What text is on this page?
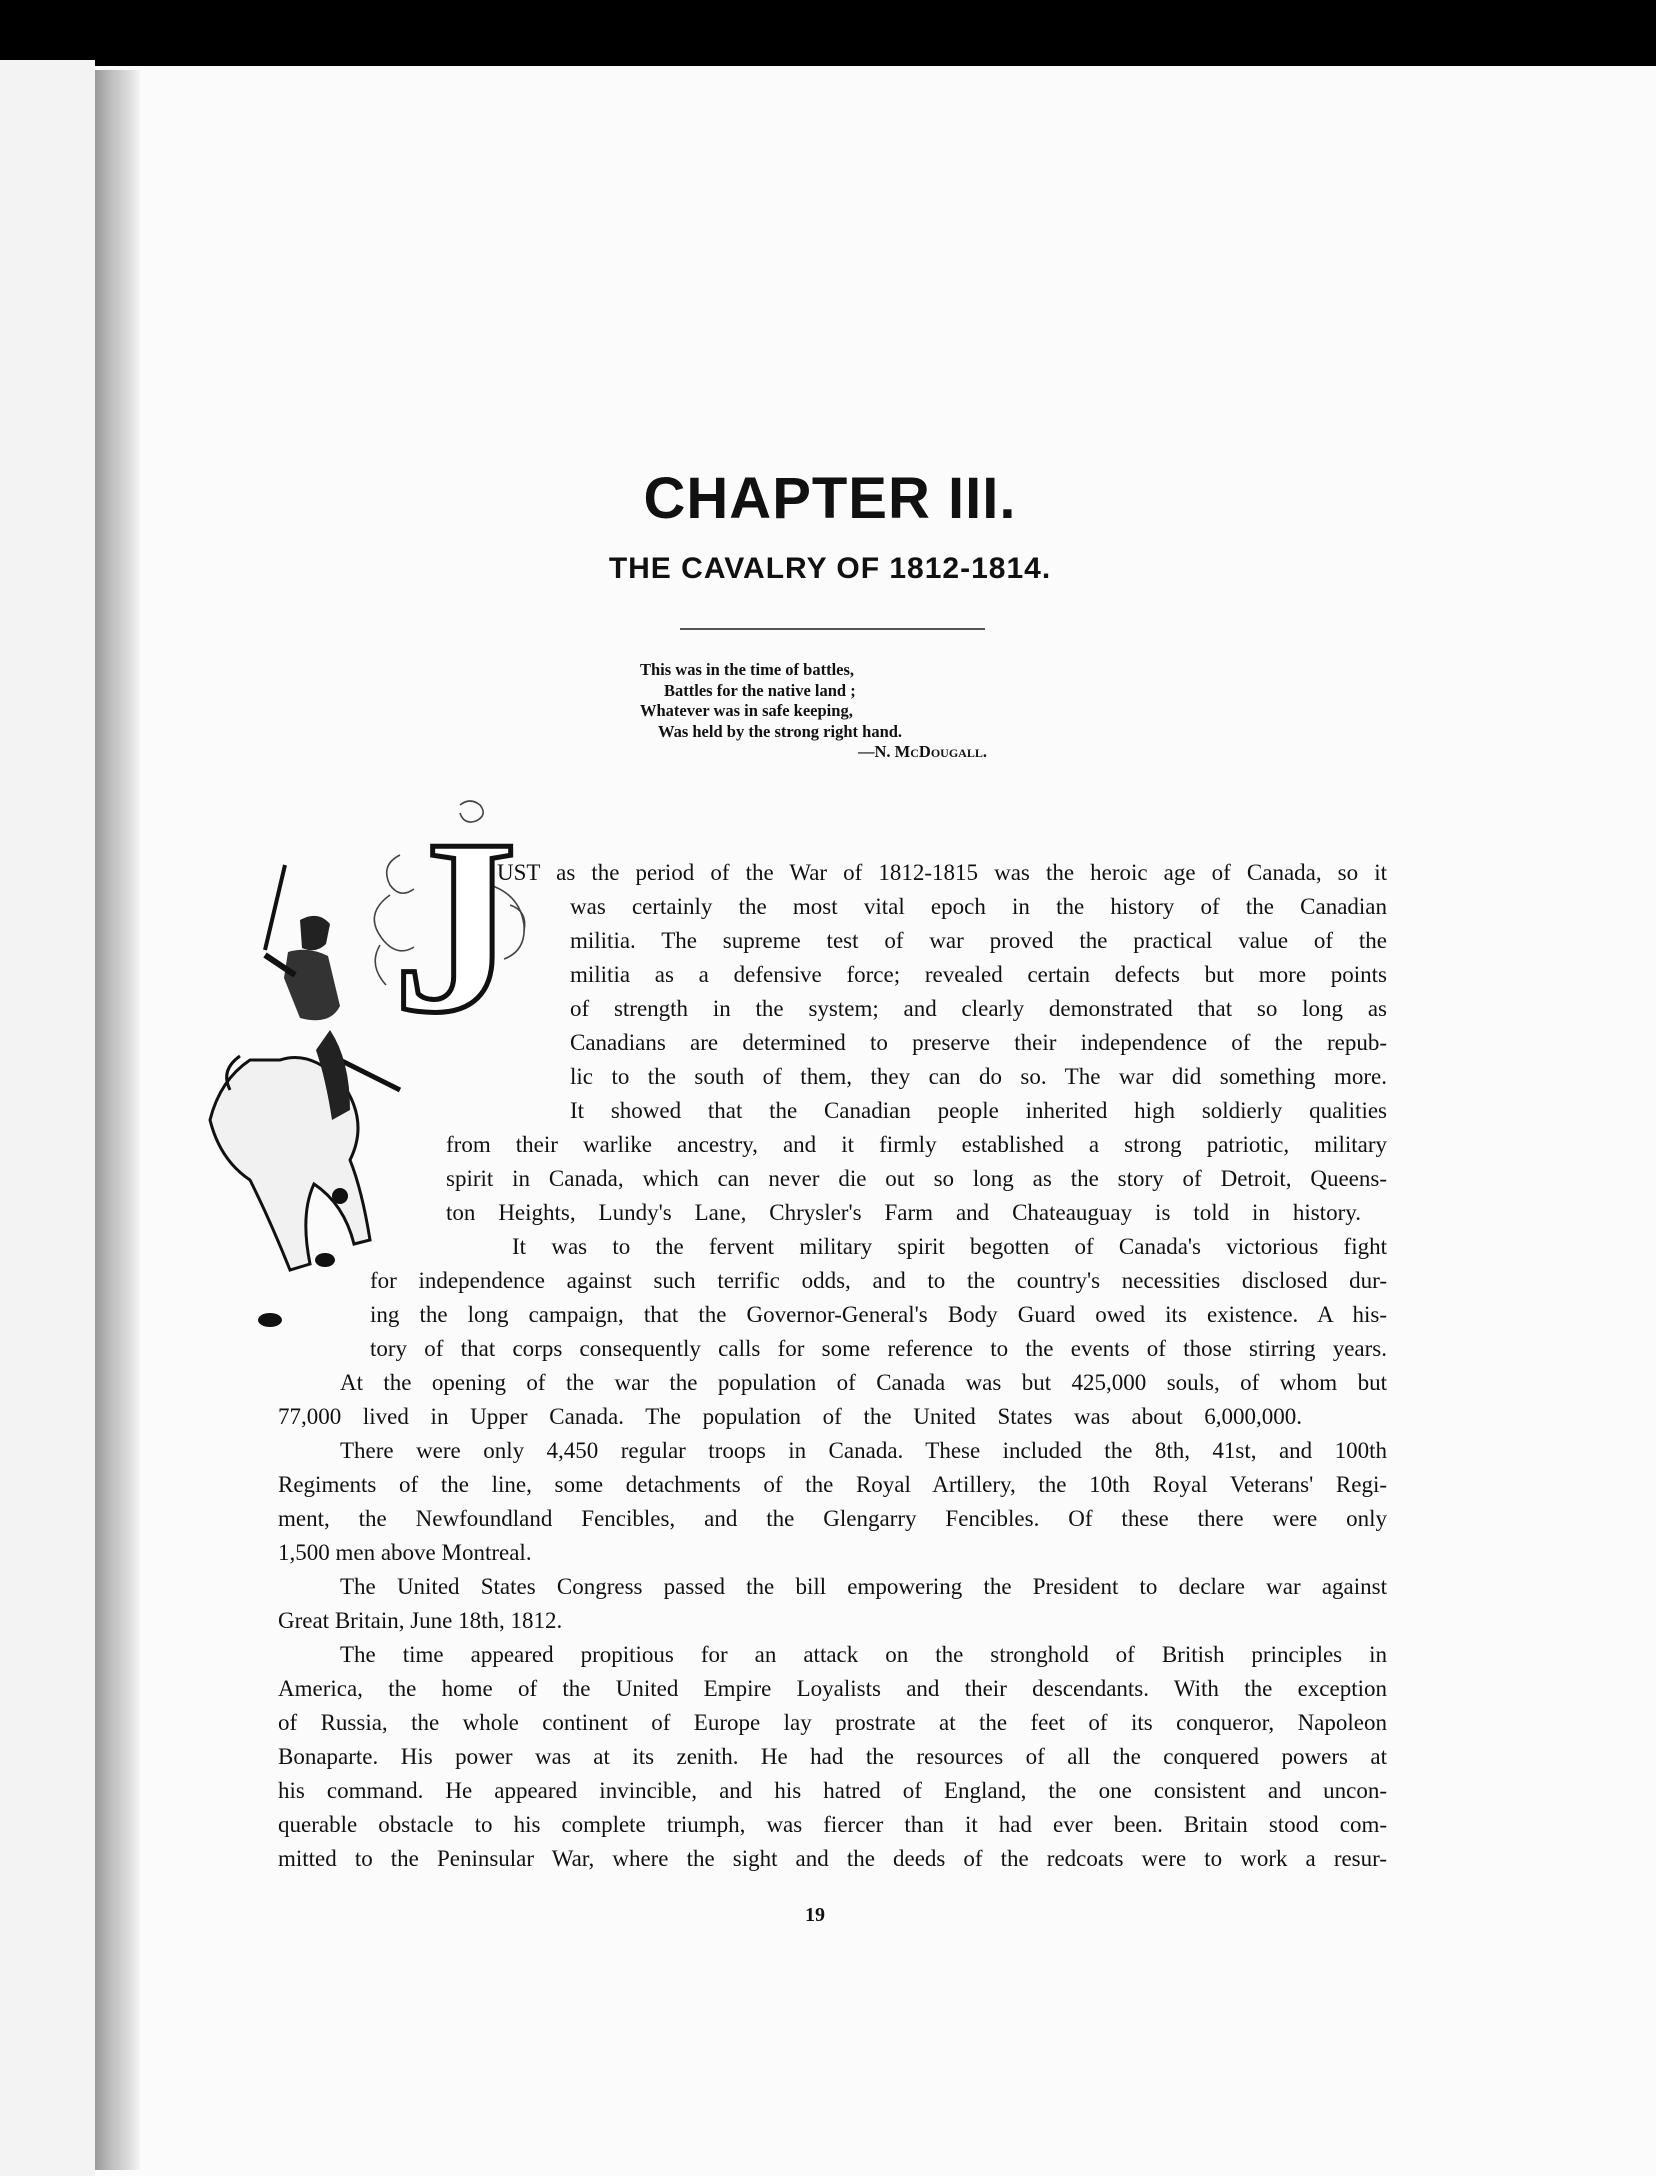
CHAPTER III.
THE CAVALRY OF 1812-1814.
This was in the time of battles,
Battles for the native land ;
Whatever was in safe keeping,
Was held by the strong right hand.
—N. McDougall.
J
UST as the period of the War of 1812-1815 was the heroic age of Canada, so it
was certainly the most vital epoch in the history of the Canadian
militia. The supreme test of war proved the practical value of the
militia as a defensive force; revealed certain defects but more points
of strength in the system; and clearly demonstrated that so long as
Canadians are determined to preserve their independence of the repub-
lic to the south of them, they can do so. The war did something more.
It showed that the Canadian people inherited high soldierly qualities
from their warlike ancestry, and it firmly established a strong patriotic, military
spirit in Canada, which can never die out so long as the story of Detroit, Queens-
ton Heights, Lundy's Lane, Chrysler's Farm and Chateauguay is told in history.
It was to the fervent military spirit begotten of Canada's victorious fight
for independence against such terrific odds, and to the country's necessities disclosed dur-
ing the long campaign, that the Governor-General's Body Guard owed its existence. A his-
tory of that corps consequently calls for some reference to the events of those stirring years.
At the opening of the war the population of Canada was but 425,000 souls, of whom but
77,000 lived in Upper Canada. The population of the United States was about 6,000,000.
There were only 4,450 regular troops in Canada. These included the 8th, 41st, and 100th
Regiments of the line, some detachments of the Royal Artillery, the 10th Royal Veterans' Regi-
ment, the Newfoundland Fencibles, and the Glengarry Fencibles. Of these there were only
1,500 men above Montreal.
The United States Congress passed the bill empowering the President to declare war against
Great Britain, June 18th, 1812.
The time appeared propitious for an attack on the stronghold of British principles in
America, the home of the United Empire Loyalists and their descendants. With the exception
of Russia, the whole continent of Europe lay prostrate at the feet of its conqueror, Napoleon
Bonaparte. His power was at its zenith. He had the resources of all the conquered powers at
his command. He appeared invincible, and his hatred of England, the one consistent and uncon-
querable obstacle to his complete triumph, was fiercer than it had ever been. Britain stood com-
mitted to the Peninsular War, where the sight and the deeds of the redcoats were to work a resur-
19
